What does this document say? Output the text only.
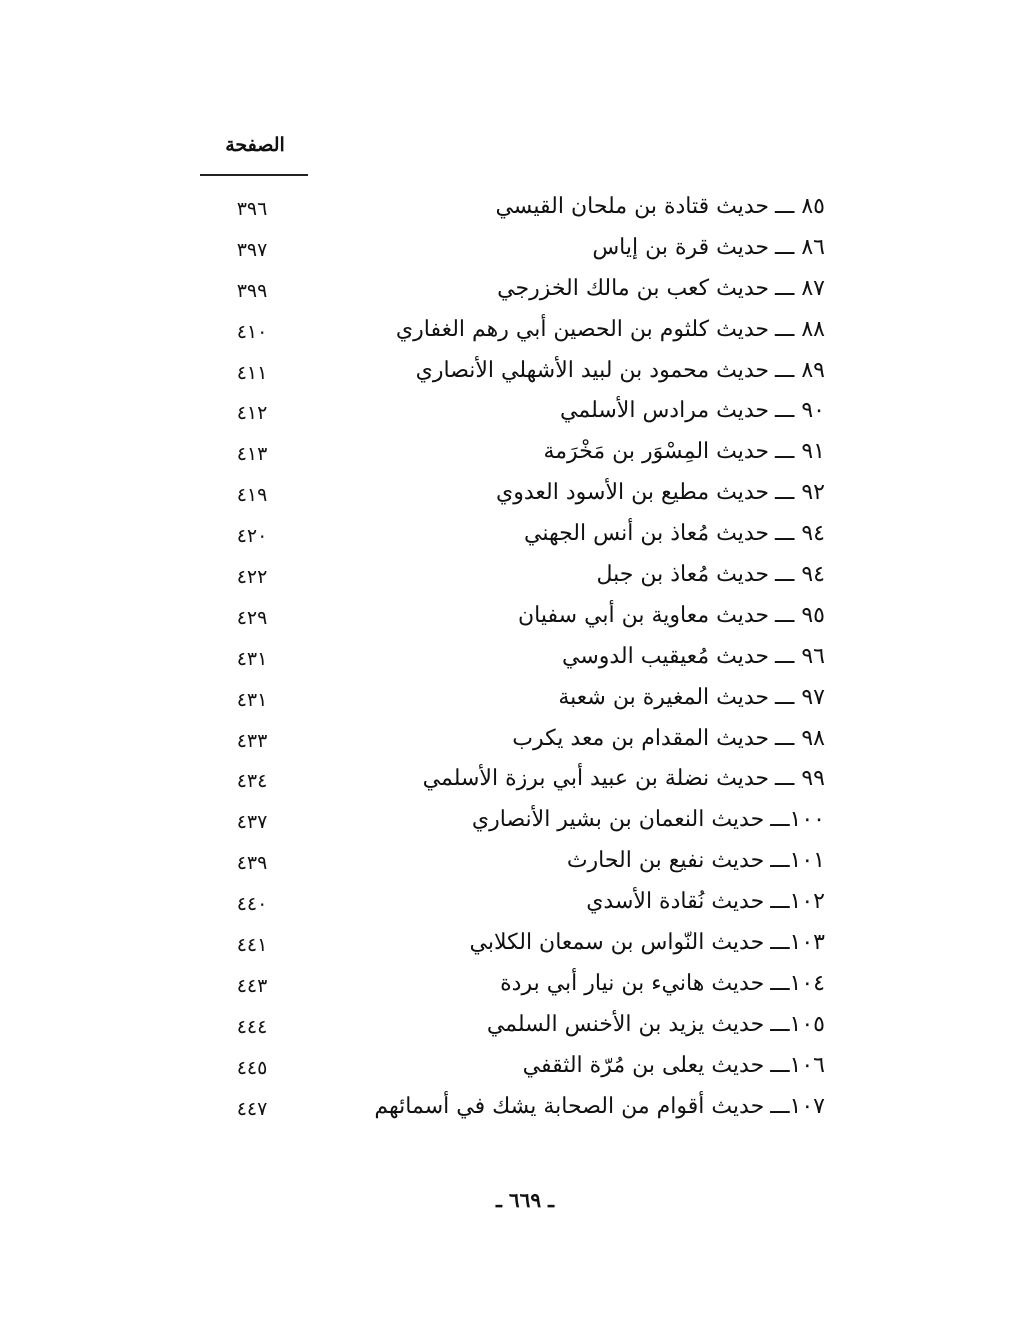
الصفحة
٨٥ ـــحديث قتادة بن ملحان القيسي
٣٩٦
٨٦ ـــحديث قرة بن إياس
٣٩٧
٨٧ ـــحديث كعب بن مالك الخزرجي
٣٩٩
٨٨ ـــحديث كلثوم بن الحصين أبي رهم الغفاري
٤١٠
٨٩ ـــحديث محمود بن لبيد الأشهلي الأنصاري
٤١١
٩٠ ـــحديث مرادس الأسلمي
٤١٢
٩١ ـــحديث المِسْوَر بن مَخْرَمة
٤١٣
٩٢ ـــحديث مطيع بن الأسود العدوي
٤١٩
٩٤ ـــحديث مُعاذ بن أنس الجهني
٤٢٠
٩٤ ـــحديث مُعاذ بن جبل
٤٢٢
٩٥ ـــحديث معاوية بن أبي سفيان
٤٢٩
٩٦ ـــحديث مُعيقيب الدوسي
٤٣١
٩٧ ـــحديث المغيرة بن شعبة
٤٣١
٩٨ ـــحديث المقدام بن معد يكرب
٤٣٣
٩٩ ـــحديث نضلة بن عبيد أبي برزة الأسلمي
٤٣٤
١٠٠ـــحديث النعمان بن بشير الأنصاري
٤٣٧
١٠١ـــحديث نفيع بن الحارث
٤٣٩
١٠٢ـــحديث نُقادة الأسدي
٤٤٠
١٠٣ـــحديث النّواس بن سمعان الكلابي
٤٤١
١٠٤ـــحديث هانيء بن نيار أبي بردة
٤٤٣
١٠٥ـــحديث يزيد بن الأخنس السلمي
٤٤٤
١٠٦ـــحديث يعلى بن مُرّة الثقفي
٤٤٥
١٠٧ـــحديث أقوام من الصحابة يشك في أسمائهم
٤٤٧
ـ ٦٦٩ ـ
